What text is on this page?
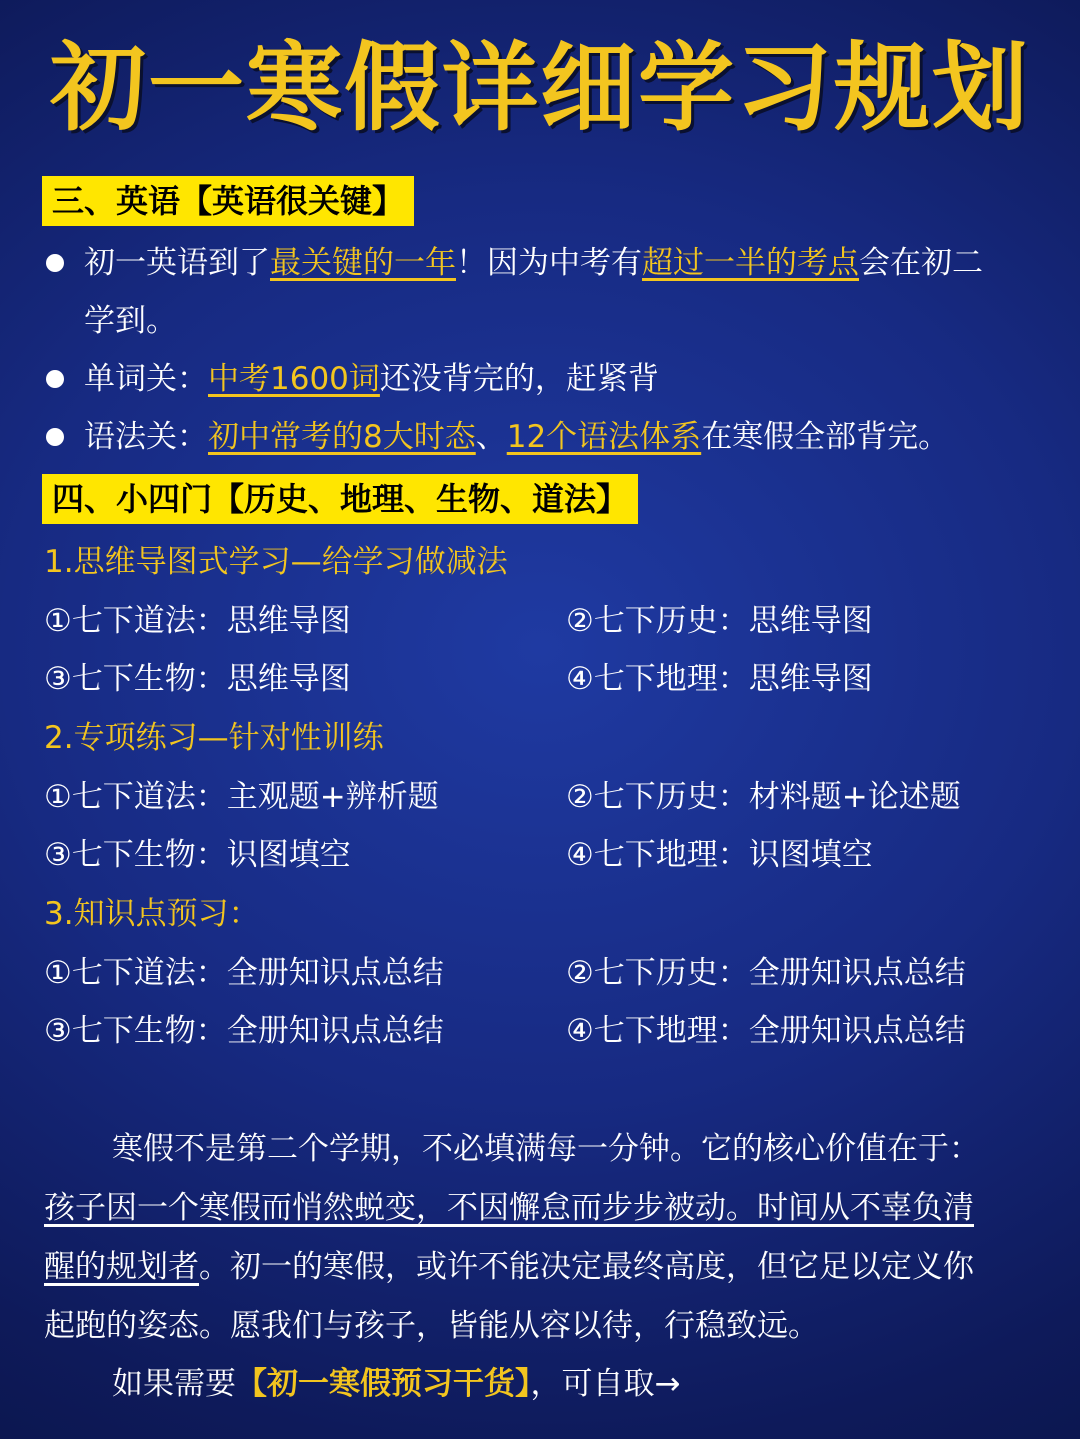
初一寒假详细学习规划
三、英语【英语很关键】
初一英语到了最关键的一年！因为中考有超过一半的考点会在初二
学到。
单词关：中考1600词还没背完的，赶紧背
语法关：初中常考的8大时态、12个语法体系在寒假全部背完。
四、小四门【历史、地理、生物、道法】
1.思维导图式学习—给学习做减法
①七下道法：思维导图	②七下历史：思维导图
③七下生物：思维导图	④七下地理：思维导图
2.专项练习—针对性训练
①七下道法：主观题+辨析题	②七下历史：材料题+论述题
③七下生物：识图填空	④七下地理：识图填空
3.知识点预习：
①七下道法：全册知识点总结	②七下历史：全册知识点总结
③七下生物：全册知识点总结	④七下地理：全册知识点总结
寒假不是第二个学期，不必填满每一分钟。它的核心价值在于：
孩子因一个寒假而悄然蜕变，不因懈怠而步步被动。时间从不辜负清
醒的规划者。初一的寒假，或许不能决定最终高度，但它足以定义你
起跑的姿态。愿我们与孩子，皆能从容以待，行稳致远。
如果需要【初一寒假预习干货】，可自取→
